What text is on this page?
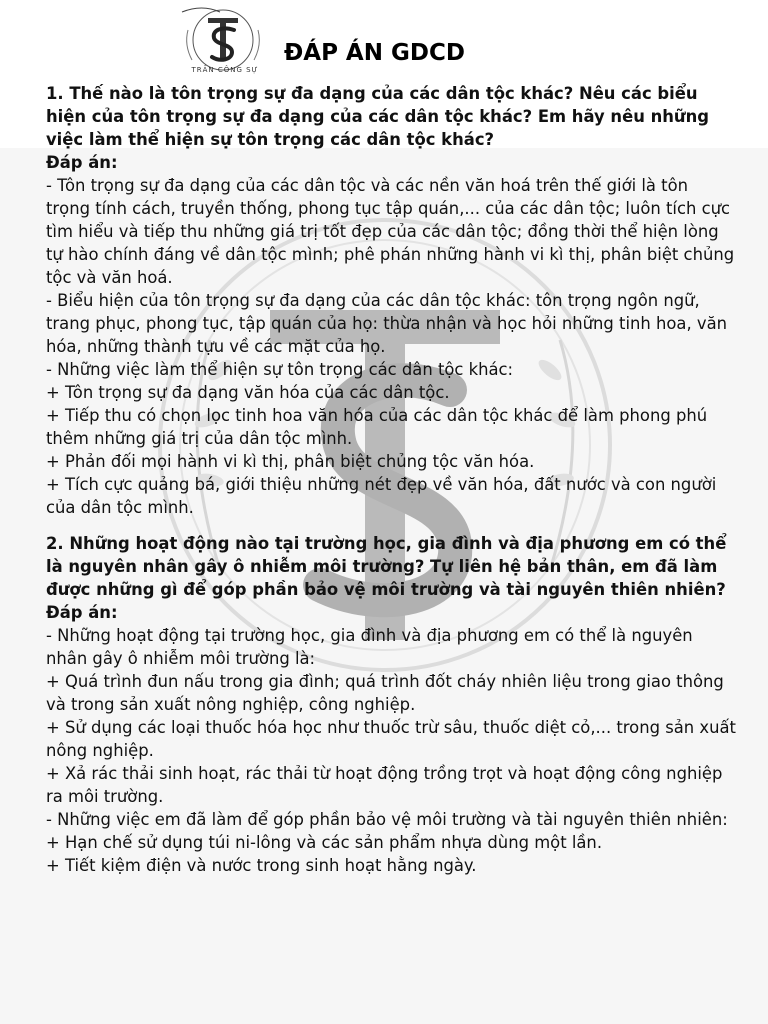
TRẦN CÔNG SỰ
ĐÁP ÁN GDCD

1. Thế nào là tôn trọng sự đa dạng của các dân tộc khác? Nêu các biểu hiện của tôn trọng sự đa dạng của các dân tộc khác? Em hãy nêu những việc làm thể hiện sự tôn trọng các dân tộc khác?

Đáp án:

- Tôn trọng sự đa dạng của các dân tộc và các nền văn hoá trên thế giới là tôn trọng tính cách, truyền thống, phong tục tập quán,... của các dân tộc; luôn tích cực tìm hiểu và tiếp thu những giá trị tốt đẹp của các dân tộc; đồng thời thể hiện lòng tự hào chính đáng về dân tộc mình; phê phán những hành vi kì thị, phân biệt chủng tộc và văn hoá.

- Biểu hiện của tôn trọng sự đa dạng của các dân tộc khác: tôn trọng ngôn ngữ, trang phục, phong tục, tập quán của họ: thừa nhận và học hỏi những tinh hoa, văn hóa, những thành tựu về các mặt của họ.

- Những việc làm thể hiện sự tôn trọng các dân tộc khác:

+ Tôn trọng sự đa dạng văn hóa của các dân tộc.

+ Tiếp thu có chọn lọc tinh hoa văn hóa của các dân tộc khác để làm phong phú thêm những giá trị của dân tộc mình.

+ Phản đối mọi hành vi kì thị, phân biệt chủng tộc văn hóa.

+ Tích cực quảng bá, giới thiệu những nét đẹp về văn hóa, đất nước và con người của dân tộc mình.

2. Những hoạt động nào tại trường học, gia đình và địa phương em có thể là nguyên nhân gây ô nhiễm môi trường? Tự liên hệ bản thân, em đã làm được những gì để góp phần bảo vệ môi trường và tài nguyên thiên nhiên?

Đáp án:

- Những hoạt động tại trường học, gia đình và địa phương em có thể là nguyên nhân gây ô nhiễm môi trường là:

+ Quá trình đun nấu trong gia đình; quá trình đốt cháy nhiên liệu trong giao thông và trong sản xuất nông nghiệp, công nghiệp.

+ Sử dụng các loại thuốc hóa học như thuốc trừ sâu, thuốc diệt cỏ,... trong sản xuất nông nghiệp.

+ Xả rác thải sinh hoạt, rác thải từ hoạt động trồng trọt và hoạt động công nghiệp ra môi trường.

- Những việc em đã làm để góp phần bảo vệ môi trường và tài nguyên thiên nhiên:

+ Hạn chế sử dụng túi ni-lông và các sản phẩm nhựa dùng một lần.

+ Tiết kiệm điện và nước trong sinh hoạt hằng ngày.
